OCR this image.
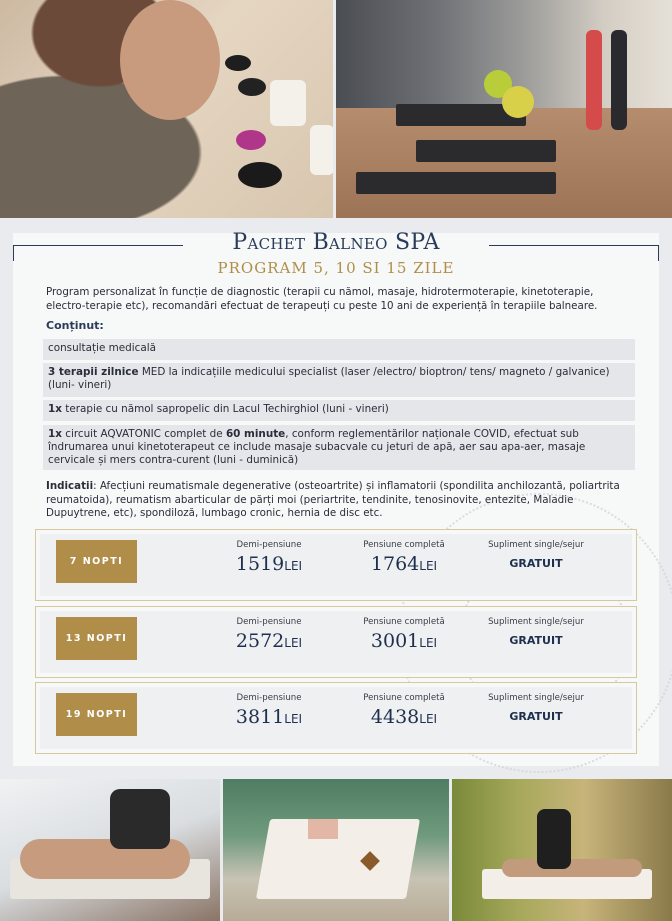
Pachet Balneo SPA
PROGRAM 5, 10 SI 15 ZILE
Program personalizat în funcție de diagnostic (terapii cu nămol, masaje, hidrotermoterapie, kinetoterapie, electro-terapie etc), recomandări efectuat de terapeuți cu peste 10 ani de experiență în terapiile balneare.
Conținut:
consultație medicală
3 terapii zilnice MED la indicațiile medicului specialist (laser /electro/ bioptron/ tens/ magneto / galvanice) (luni- vineri)
1x terapie cu nămol sapropelic din Lacul Techirghiol (luni - vineri)
1x circuit AQVATONIC complet de 60 minute, conform reglementărilor naționale COVID, efectuat sub îndrumarea unui kinetoterapeut ce include masaje subacvale cu jeturi de apă, aer sau apa-aer, masaje cervicale și mers contra-curent (luni - duminică)
Indicatii: Afecțiuni reumatismale degenerative (osteoartrite) și inflamatorii (spondilita anchilozantă, poliartrita reumatoida), reumatism abarticular de părți moi (periartrite, tendinite, tenosinovite, entezite, Maladie Dupuytrene, etc), spondiloză, lumbago cronic, hernia de disc etc.
7 NOPTI
Demi-pensiune
1519LEI
Pensiune completă
1764LEI
Supliment single/sejur
GRATUIT
13 NOPTI
Demi-pensiune
2572LEI
Pensiune completă
3001LEI
Supliment single/sejur
GRATUIT
19 NOPTI
Demi-pensiune
3811LEI
Pensiune completă
4438LEI
Supliment single/sejur
GRATUIT
